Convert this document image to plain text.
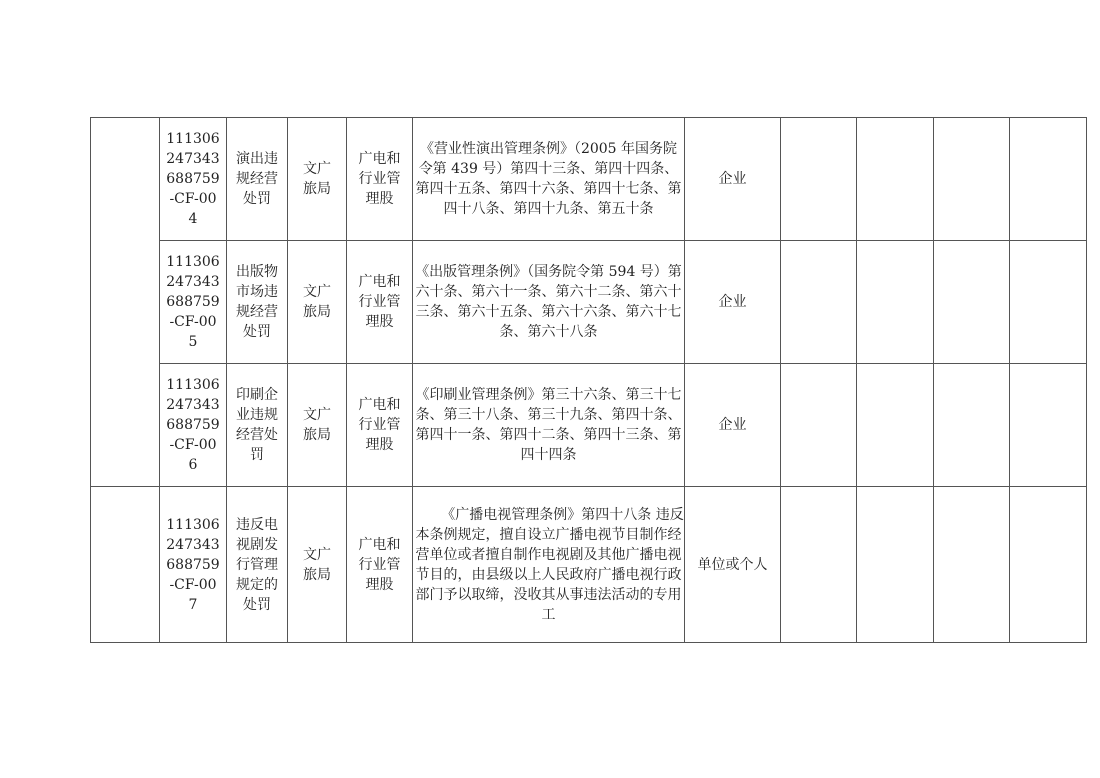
	111306
247343
688759
-CF-00
4	演出违
规经营
处罚	文广
旅局	广电和
行业管
理股	《营业性演出管理条例》（2005 年国务院令第 439 号）第四十三条、第四十四条、第四十五条、第四十六条、第四十七条、第四十八条、第四十九条、第五十条	企业				
	111306
247343
688759
-CF-00
5	出版物
市场违
规经营
处罚	文广
旅局	广电和
行业管
理股	《出版管理条例》（国务院令第 594 号）第六十条、第六十一条、第六十二条、第六十三条、第六十五条、第六十六条、第六十七条、第六十八条	企业				
	111306
247343
688759
-CF-00
6	印刷企
业违规
经营处
罚	文广
旅局	广电和
行业管
理股	《印刷业管理条例》第三十六条、第三十七条、第三十八条、第三十九条、第四十条、第四十一条、第四十二条、第四十三条、第四十四条	企业				
	111306
247343
688759
-CF-00
7	违反电
视剧发
行管理
规定的
处罚	文广
旅局	广电和
行业管
理股	《广播电视管理条例》第四十八条 违反本条例规定，擅自设立广播电视节目制作经营单位或者擅自制作电视剧及其他广播电视节目的，由县级以上人民政府广播电视行政部门予以取缔，没收其从事违法活动的专用工	单位或个人				
